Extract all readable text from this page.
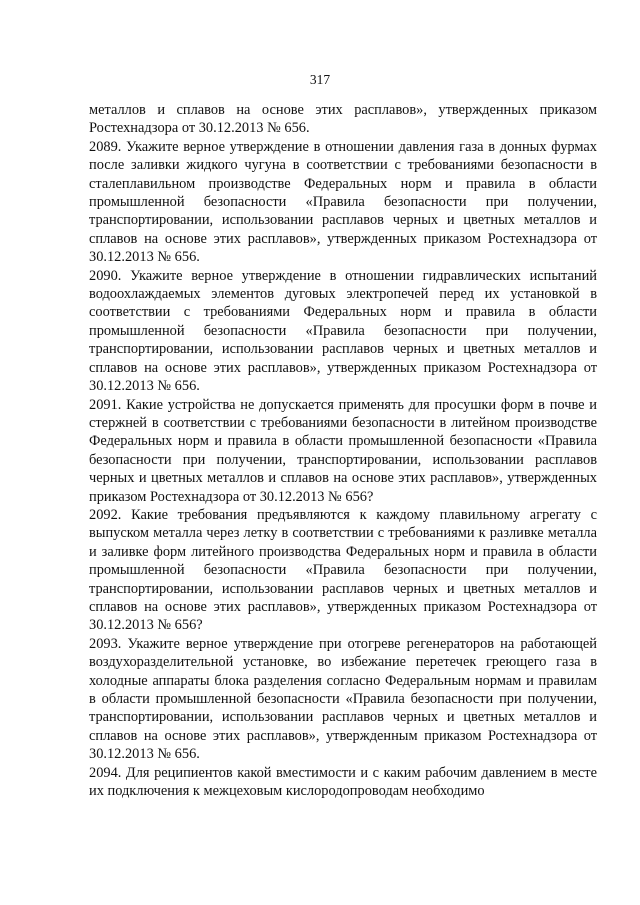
317

металлов и сплавов на основе этих расплавов», утвержденных приказом Ростехнадзора от 30.12.2013 № 656.

2089. Укажите верное утверждение в отношении давления газа в донных фурмах после заливки жидкого чугуна в соответствии с требованиями безопасности в сталеплавильном производстве Федеральных норм и правила в области промышленной безопасности «Правила безопасности при получении, транспортировании, использовании расплавов черных и цветных металлов и сплавов на основе этих расплавов», утвержденных приказом Ростехнадзора от 30.12.2013 № 656.

2090. Укажите верное утверждение в отношении гидравлических испытаний водоохлаждаемых элементов дуговых электропечей перед их установкой в соответствии с требованиями Федеральных норм и правила в области промышленной безопасности «Правила безопасности при получении, транспортировании, использовании расплавов черных и цветных металлов и сплавов на основе этих расплавов», утвержденных приказом Ростехнадзора от 30.12.2013 № 656.

2091. Какие устройства не допускается применять для просушки форм в почве и стержней в соответствии с требованиями безопасности в литейном производстве Федеральных норм и правила в области промышленной безопасности «Правила безопасности при получении, транспортировании, использовании расплавов черных и цветных металлов и сплавов на основе этих расплавов», утвержденных приказом Ростехнадзора от 30.12.2013 № 656?

2092. Какие требования предъявляются к каждому плавильному агрегату с выпуском металла через летку в соответствии с требованиями к разливке металла и заливке форм литейного производства Федеральных норм и правила в области промышленной безопасности «Правила безопасности при получении, транспортировании, использовании расплавов черных и цветных металлов и сплавов на основе этих расплавов», утвержденных приказом Ростехнадзора от 30.12.2013 № 656?

2093. Укажите верное утверждение при отогреве регенераторов на работающей воздухоразделительной установке, во избежание перетечек греющего газа в холодные аппараты блока разделения согласно Федеральным нормам и правилам в области промышленной безопасности «Правила безопасности при получении, транспортировании, использовании расплавов черных и цветных металлов и сплавов на основе этих расплавов», утвержденным приказом Ростехнадзора от 30.12.2013 № 656.

2094. Для реципиентов какой вместимости и с каким рабочим давлением в месте их подключения к межцеховым кислородопроводам необходимо
